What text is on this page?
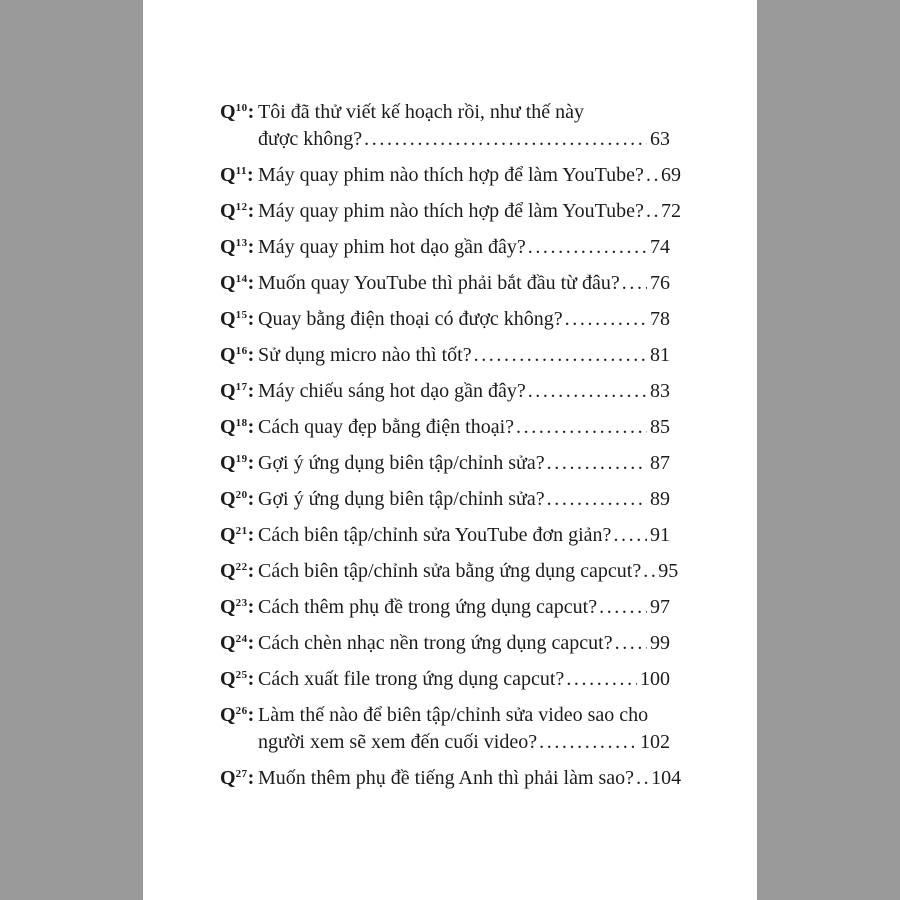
$Q^{10}$: Tôi đã thử viết kế hoạch rồi, như thế này
được không? .....	63
$Q^{11}$: Máy quay phim nào thích hợp để làm YouTube? ..... 69
$Q^{12}$: Máy quay phim nào thích hợp để làm YouTube? ..... 72
$Q^{13}$: Máy quay phim hot dạo gần đây? .....	74
$Q^{14}$: Muốn quay YouTube thì phải bắt đầu từ đâu? ..... 76
$Q^{15}$: Quay bằng điện thoại có được không? .....	78
$Q^{16}$: Sử dụng micro nào thì tốt? .....	81
$Q^{17}$: Máy chiếu sáng hot dạo gần đây? .....	83
$Q^{18}$: Cách quay đẹp bằng điện thoại? .....	85
$Q^{19}$: Gợi ý ứng dụng biên tập/chỉnh sửa? .....	87
$Q^{20}$: Gợi ý ứng dụng biên tập/chỉnh sửa? .....	89
$Q^{21}$: Cách biên tập/chỉnh sửa YouTube đơn giản? ..... 91
$Q^{22}$: Cách biên tập/chỉnh sửa bằng ứng dụng capcut? ..... 95
$Q^{23}$: Cách thêm phụ đề trong ứng dụng capcut? .....	97
$Q^{24}$: Cách chèn nhạc nền trong ứng dụng capcut? ..... 99
$Q^{25}$: Cách xuất file trong ứng dụng capcut? .....	100
$Q^{26}$: Làm thế nào để biên tập/chỉnh sửa video sao cho
người xem sẽ xem đến cuối video? .....	102
$Q^{27}$: Muốn thêm phụ đề tiếng Anh thì phải làm sao? ..... 104
